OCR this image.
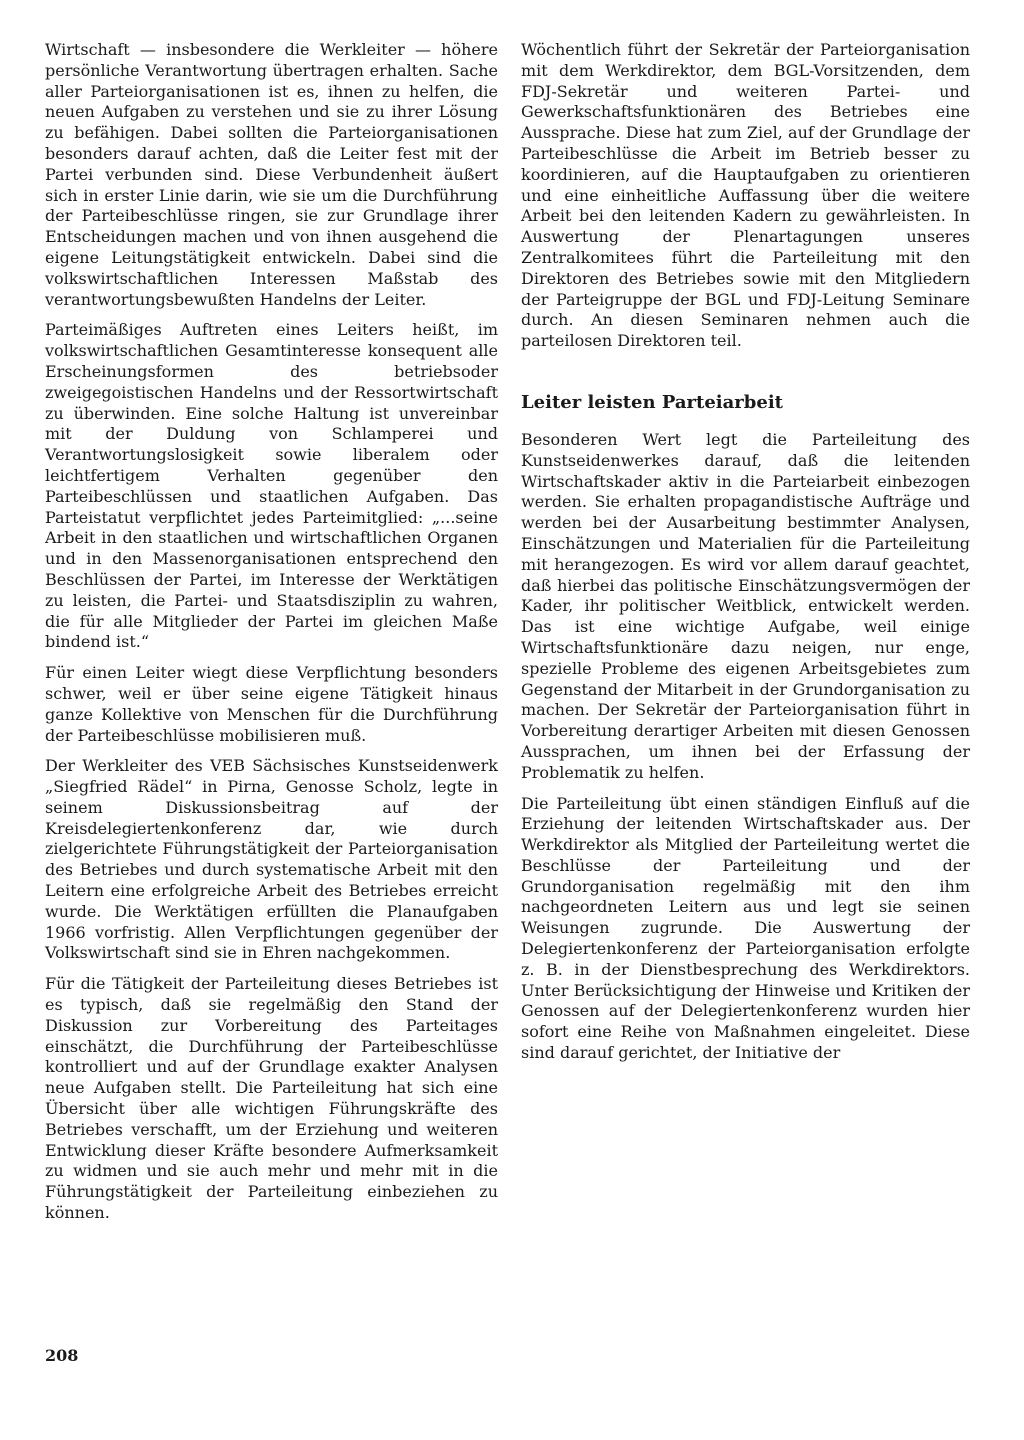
Wirtschaft — insbesondere die Werkleiter — höhere persönliche Verantwortung übertragen erhalten. Sache aller Parteiorganisationen ist es, ihnen zu helfen, die neuen Aufgaben zu verstehen und sie zu ihrer Lösung zu befähigen. Dabei sollten die Parteiorganisationen besonders darauf achten, daß die Leiter fest mit der Partei verbunden sind. Diese Verbundenheit äußert sich in erster Linie darin, wie sie um die Durchführung der Parteibeschlüsse ringen, sie zur Grundlage ihrer Entscheidungen machen und von ihnen ausgehend die eigene Leitungstätigkeit entwickeln. Dabei sind die volkswirtschaftlichen Interessen Maßstab des verantwortungsbewußten Handelns der Leiter.

Parteimäßiges Auftreten eines Leiters heißt, im volkswirtschaftlichen Gesamtinteresse konsequent alle Erscheinungsformen des betriebsoder zweigegoistischen Handelns und der Ressortwirtschaft zu überwinden. Eine solche Haltung ist unvereinbar mit der Duldung von Schlamperei und Verantwortungslosigkeit sowie liberalem oder leichtfertigem Verhalten gegenüber den Parteibeschlüssen und staatlichen Aufgaben. Das Parteistatut verpflichtet jedes Parteimitglied: „...seine Arbeit in den staatlichen und wirtschaftlichen Organen und in den Massenorganisationen entsprechend den Beschlüssen der Partei, im Interesse der Werktätigen zu leisten, die Partei- und Staatsdisziplin zu wahren, die für alle Mitglieder der Partei im gleichen Maße bindend ist.“

Für einen Leiter wiegt diese Verpflichtung besonders schwer, weil er über seine eigene Tätigkeit hinaus ganze Kollektive von Menschen für die Durchführung der Parteibeschlüsse mobilisieren muß.

Der Werkleiter des VEB Sächsisches Kunstseidenwerk „Siegfried Rädel“ in Pirna, Genosse Scholz, legte in seinem Diskussionsbeitrag auf der Kreisdelegiertenkonferenz dar, wie durch zielgerichtete Führungstätigkeit der Parteiorganisation des Betriebes und durch systematische Arbeit mit den Leitern eine erfolgreiche Arbeit des Betriebes erreicht wurde. Die Werktätigen erfüllten die Planaufgaben 1966 vorfristig. Allen Verpflichtungen gegenüber der Volkswirtschaft sind sie in Ehren nachgekommen.

Für die Tätigkeit der Parteileitung dieses Betriebes ist es typisch, daß sie regelmäßig den Stand der Diskussion zur Vorbereitung des Parteitages einschätzt, die Durchführung der Parteibeschlüsse kontrolliert und auf der Grundlage exakter Analysen neue Aufgaben stellt. Die Parteileitung hat sich eine Übersicht über alle wichtigen Führungskräfte des Betriebes verschafft, um der Erziehung und weiteren Entwicklung dieser Kräfte besondere Aufmerksamkeit zu widmen und sie auch mehr und mehr mit in die Führungstätigkeit der Parteileitung einbeziehen zu können.

Wöchentlich führt der Sekretär der Parteiorganisation mit dem Werkdirektor, dem BGL-Vorsitzenden, dem FDJ-Sekretär und weiteren Partei- und Gewerkschaftsfunktionären des Betriebes eine Aussprache. Diese hat zum Ziel, auf der Grundlage der Parteibeschlüsse die Arbeit im Betrieb besser zu koordinieren, auf die Hauptaufgaben zu orientieren und eine einheitliche Auffassung über die weitere Arbeit bei den leitenden Kadern zu gewährleisten. In Auswertung der Plenartagungen unseres Zentralkomitees führt die Parteileitung mit den Direktoren des Betriebes sowie mit den Mitgliedern der Parteigruppe der BGL und FDJ-Leitung Seminare durch. An diesen Seminaren nehmen auch die parteilosen Direktoren teil.

Leiter leisten Parteiarbeit

Besonderen Wert legt die Parteileitung des Kunstseidenwerkes darauf, daß die leitenden Wirtschaftskader aktiv in die Parteiarbeit einbezogen werden. Sie erhalten propagandistische Aufträge und werden bei der Ausarbeitung bestimmter Analysen, Einschätzungen und Materialien für die Parteileitung mit herangezogen. Es wird vor allem darauf geachtet, daß hierbei das politische Einschätzungsvermögen der Kader, ihr politischer Weitblick, entwickelt werden. Das ist eine wichtige Aufgabe, weil einige Wirtschaftsfunktionäre dazu neigen, nur enge, spezielle Probleme des eigenen Arbeitsgebietes zum Gegenstand der Mitarbeit in der Grundorganisation zu machen. Der Sekretär der Parteiorganisation führt in Vorbereitung derartiger Arbeiten mit diesen Genossen Aussprachen, um ihnen bei der Erfassung der Problematik zu helfen.

Die Parteileitung übt einen ständigen Einfluß auf die Erziehung der leitenden Wirtschaftskader aus. Der Werkdirektor als Mitglied der Parteileitung wertet die Beschlüsse der Parteileitung und der Grundorganisation regelmäßig mit den ihm nachgeordneten Leitern aus und legt sie seinen Weisungen zugrunde. Die Auswertung der Delegiertenkonferenz der Parteiorganisation erfolgte z. B. in der Dienstbesprechung des Werkdirektors. Unter Berücksichtigung der Hinweise und Kritiken der Genossen auf der Delegiertenkonferenz wurden hier sofort eine Reihe von Maßnahmen eingeleitet. Diese sind darauf gerichtet, der Initiative der

208
